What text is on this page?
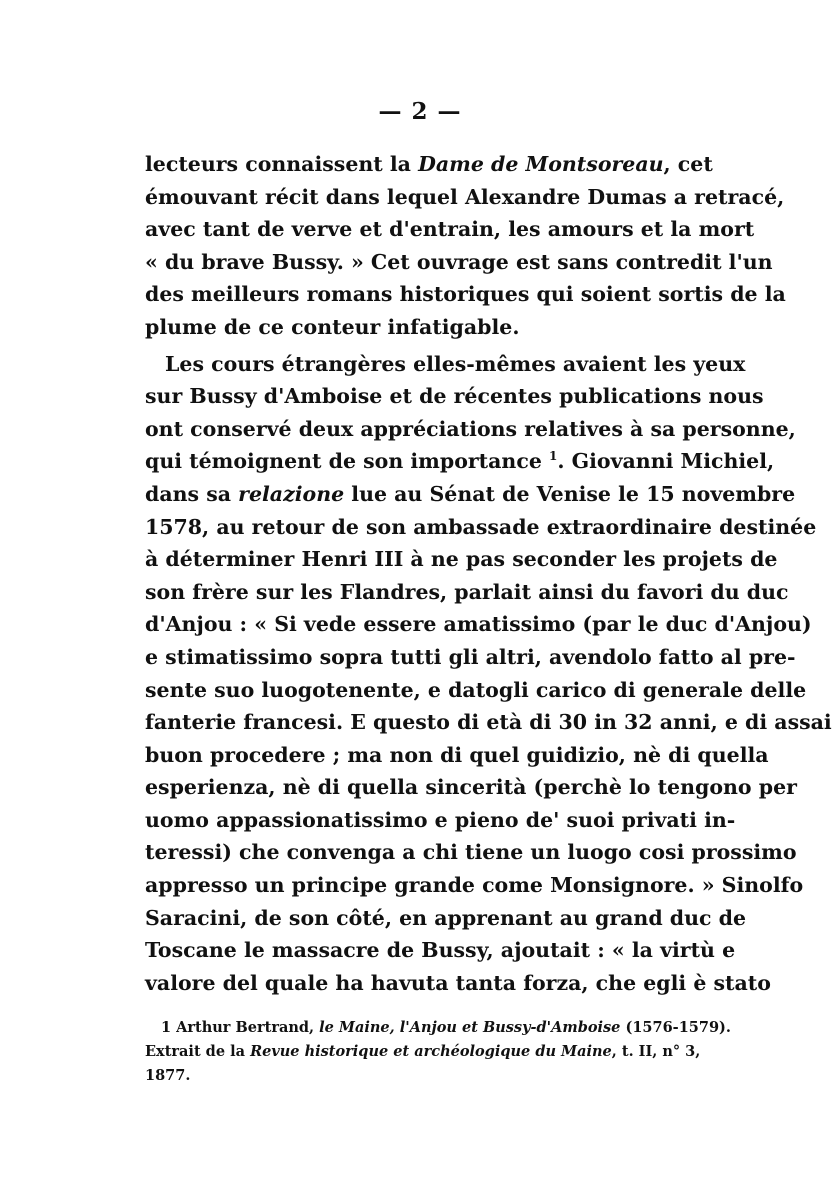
— 2 —
lecteurs connaissent la Dame de Montsoreau, cet
émouvant récit dans lequel Alexandre Dumas a retracé,
avec tant de verve et d'entrain, les amours et la mort
« du brave Bussy. » Cet ouvrage est sans contredit l'un
des meilleurs romans historiques qui soient sortis de la
plume de ce conteur infatigable.
Les cours étrangères elles-mêmes avaient les yeux
sur Bussy d'Amboise et de récentes publications nous
ont conservé deux appréciations relatives à sa personne,
qui témoignent de son importance $^1$. Giovanni Michiel,
dans sa relazione lue au Sénat de Venise le 15 novembre
1578, au retour de son ambassade extraordinaire destinée
à déterminer Henri III à ne pas seconder les projets de
son frère sur les Flandres, parlait ainsi du favori du duc
d'Anjou : « Si vede essere amatissimo (par le duc d'Anjou)
e stimatissimo sopra tutti gli altri, avendolo fatto al pre-
sente suo luogotenente, e datogli carico di generale delle
fanterie francesi. E questo di età di 30 in 32 anni, e di assai
buon procedere ; ma non di quel guidizio, nè di quella
esperienza, nè di quella sincerità (perchè lo tengono per
uomo appassionatissimo e pieno de' suoi privati in-
teressi) che convenga a chi tiene un luogo cosi prossimo
appresso un principe grande come Monsignore. » Sinolfo
Saracini, de son côté, en apprenant au grand duc de
Toscane le massacre de Bussy, ajoutait : « la virtù e
valore del quale ha havuta tanta forza, che egli è stato
1 Arthur Bertrand, le Maine, l'Anjou et Bussy-d'Amboise (1576-1579).
Extrait de la Revue historique et archéologique du Maine, t. II, n° 3,
1877.
